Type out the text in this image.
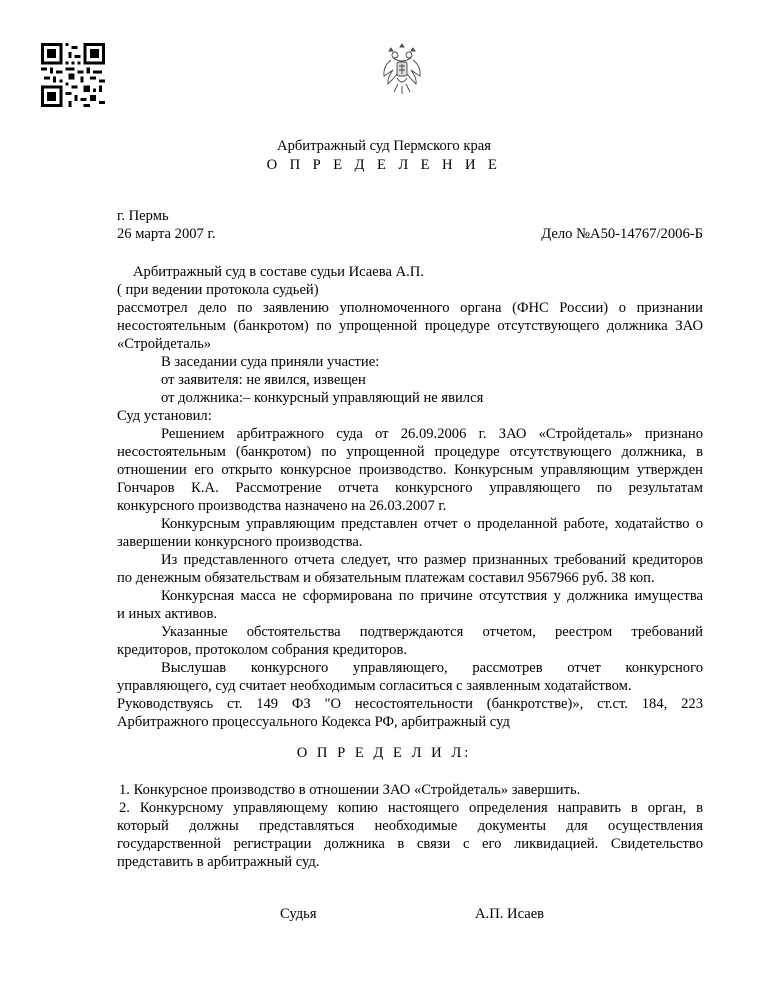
Арбитражный суд Пермского края
О П Р Е Д Е Л Е Н И Е
г. Пермь
26 марта 2007 г.	Дело №А50-14767/2006-Б
Арбитражный суд в составе судьи Исаева А.П.
( при ведении протокола судьей)
рассмотрел дело по заявлению уполномоченного органа (ФНС России) о признании
несостоятельным (банкротом) по упрощенной процедуре отсутствующего должника ЗАО
«Стройдеталь»
В заседании суда приняли участие:
от заявителя: не явился, извещен
от должника:– конкурсный управляющий не явился
Суд установил:
Решением арбитражного суда от 26.09.2006 г. ЗАО «Стройдеталь» признано
несостоятельным (банкротом) по упрощенной процедуре отсутствующего должника, в
отношении его открыто конкурсное производство. Конкурсным управляющим утвержден
Гончаров К.А. Рассмотрение отчета конкурсного управляющего по результатам
конкурсного производства назначено на 26.03.2007 г.
Конкурсным управляющим представлен отчет о проделанной работе, ходатайство о
завершении конкурсного производства.
Из представленного отчета следует, что размер признанных требований кредиторов
по денежным обязательствам и обязательным платежам составил 9567966 руб. 38 коп.
Конкурсная масса не сформирована по причине отсутствия у должника имущества
и иных активов.
Указанные обстоятельства подтверждаются отчетом, реестром требований
кредиторов, протоколом собрания кредиторов.
Выслушав конкурсного управляющего, рассмотрев отчет конкурсного
управляющего, суд считает необходимым согласиться с заявленным ходатайством.
Руководствуясь ст. 149 ФЗ "О несостоятельности (банкротстве)», ст.ст. 184, 223
Арбитражного процессуального Кодекса РФ, арбитражный суд
О П Р Е Д Е Л И Л:
1. Конкурсное производство в отношении ЗАО «Стройдеталь» завершить.
2. Конкурсному управляющему копию настоящего определения направить в орган, в
который должны представляться необходимые документы для осуществления
государственной регистрации должника в связи с его ликвидацией. Свидетельство
представить в арбитражный суд.
Судья	А.П. Исаев
